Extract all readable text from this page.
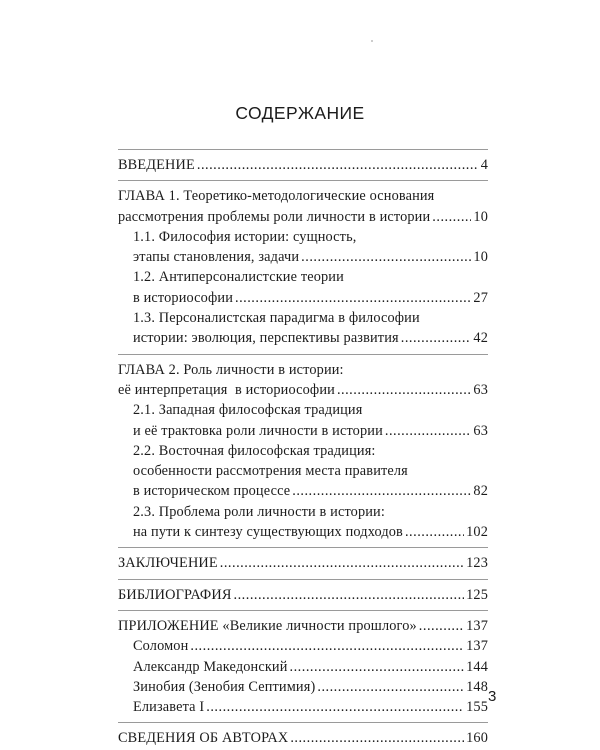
СОДЕРЖАНИЕ
ВВЕДЕНИЕ .....	4
ГЛАВА 1. Теоретико-методологические основания
рассмотрения проблемы роли личности в истории .....	10
1.1. Философия истории: сущность,
этапы становления, задачи .....	10
1.2. Антиперсоналистские теории
в историософии .....	27
1.3. Персоналистская парадигма в философии
истории: эволюция, перспективы развития .....	42
ГЛАВА 2. Роль личности в истории:
её интерпретация  в историософии .....	63
2.1. Западная философская традиция
и её трактовка роли личности в истории .....	63
2.2. Восточная философская традиция:
особенности рассмотрения места правителя
в историческом процессе .....	82
2.3. Проблема роли личности в истории:
на пути к синтезу существующих подходов .....	102
ЗАКЛЮЧЕНИЕ .....	123
БИБЛИОГРАФИЯ .....	125
ПРИЛОЖЕНИЕ «Великие личности прошлого» .....	137
Соломон .....	137
Александр Македонский .....	144
Зинобия (Зенобия Септимия) .....	148
Елизавета I .....	155
СВЕДЕНИЯ ОБ АВТОРАХ .....	160
3
